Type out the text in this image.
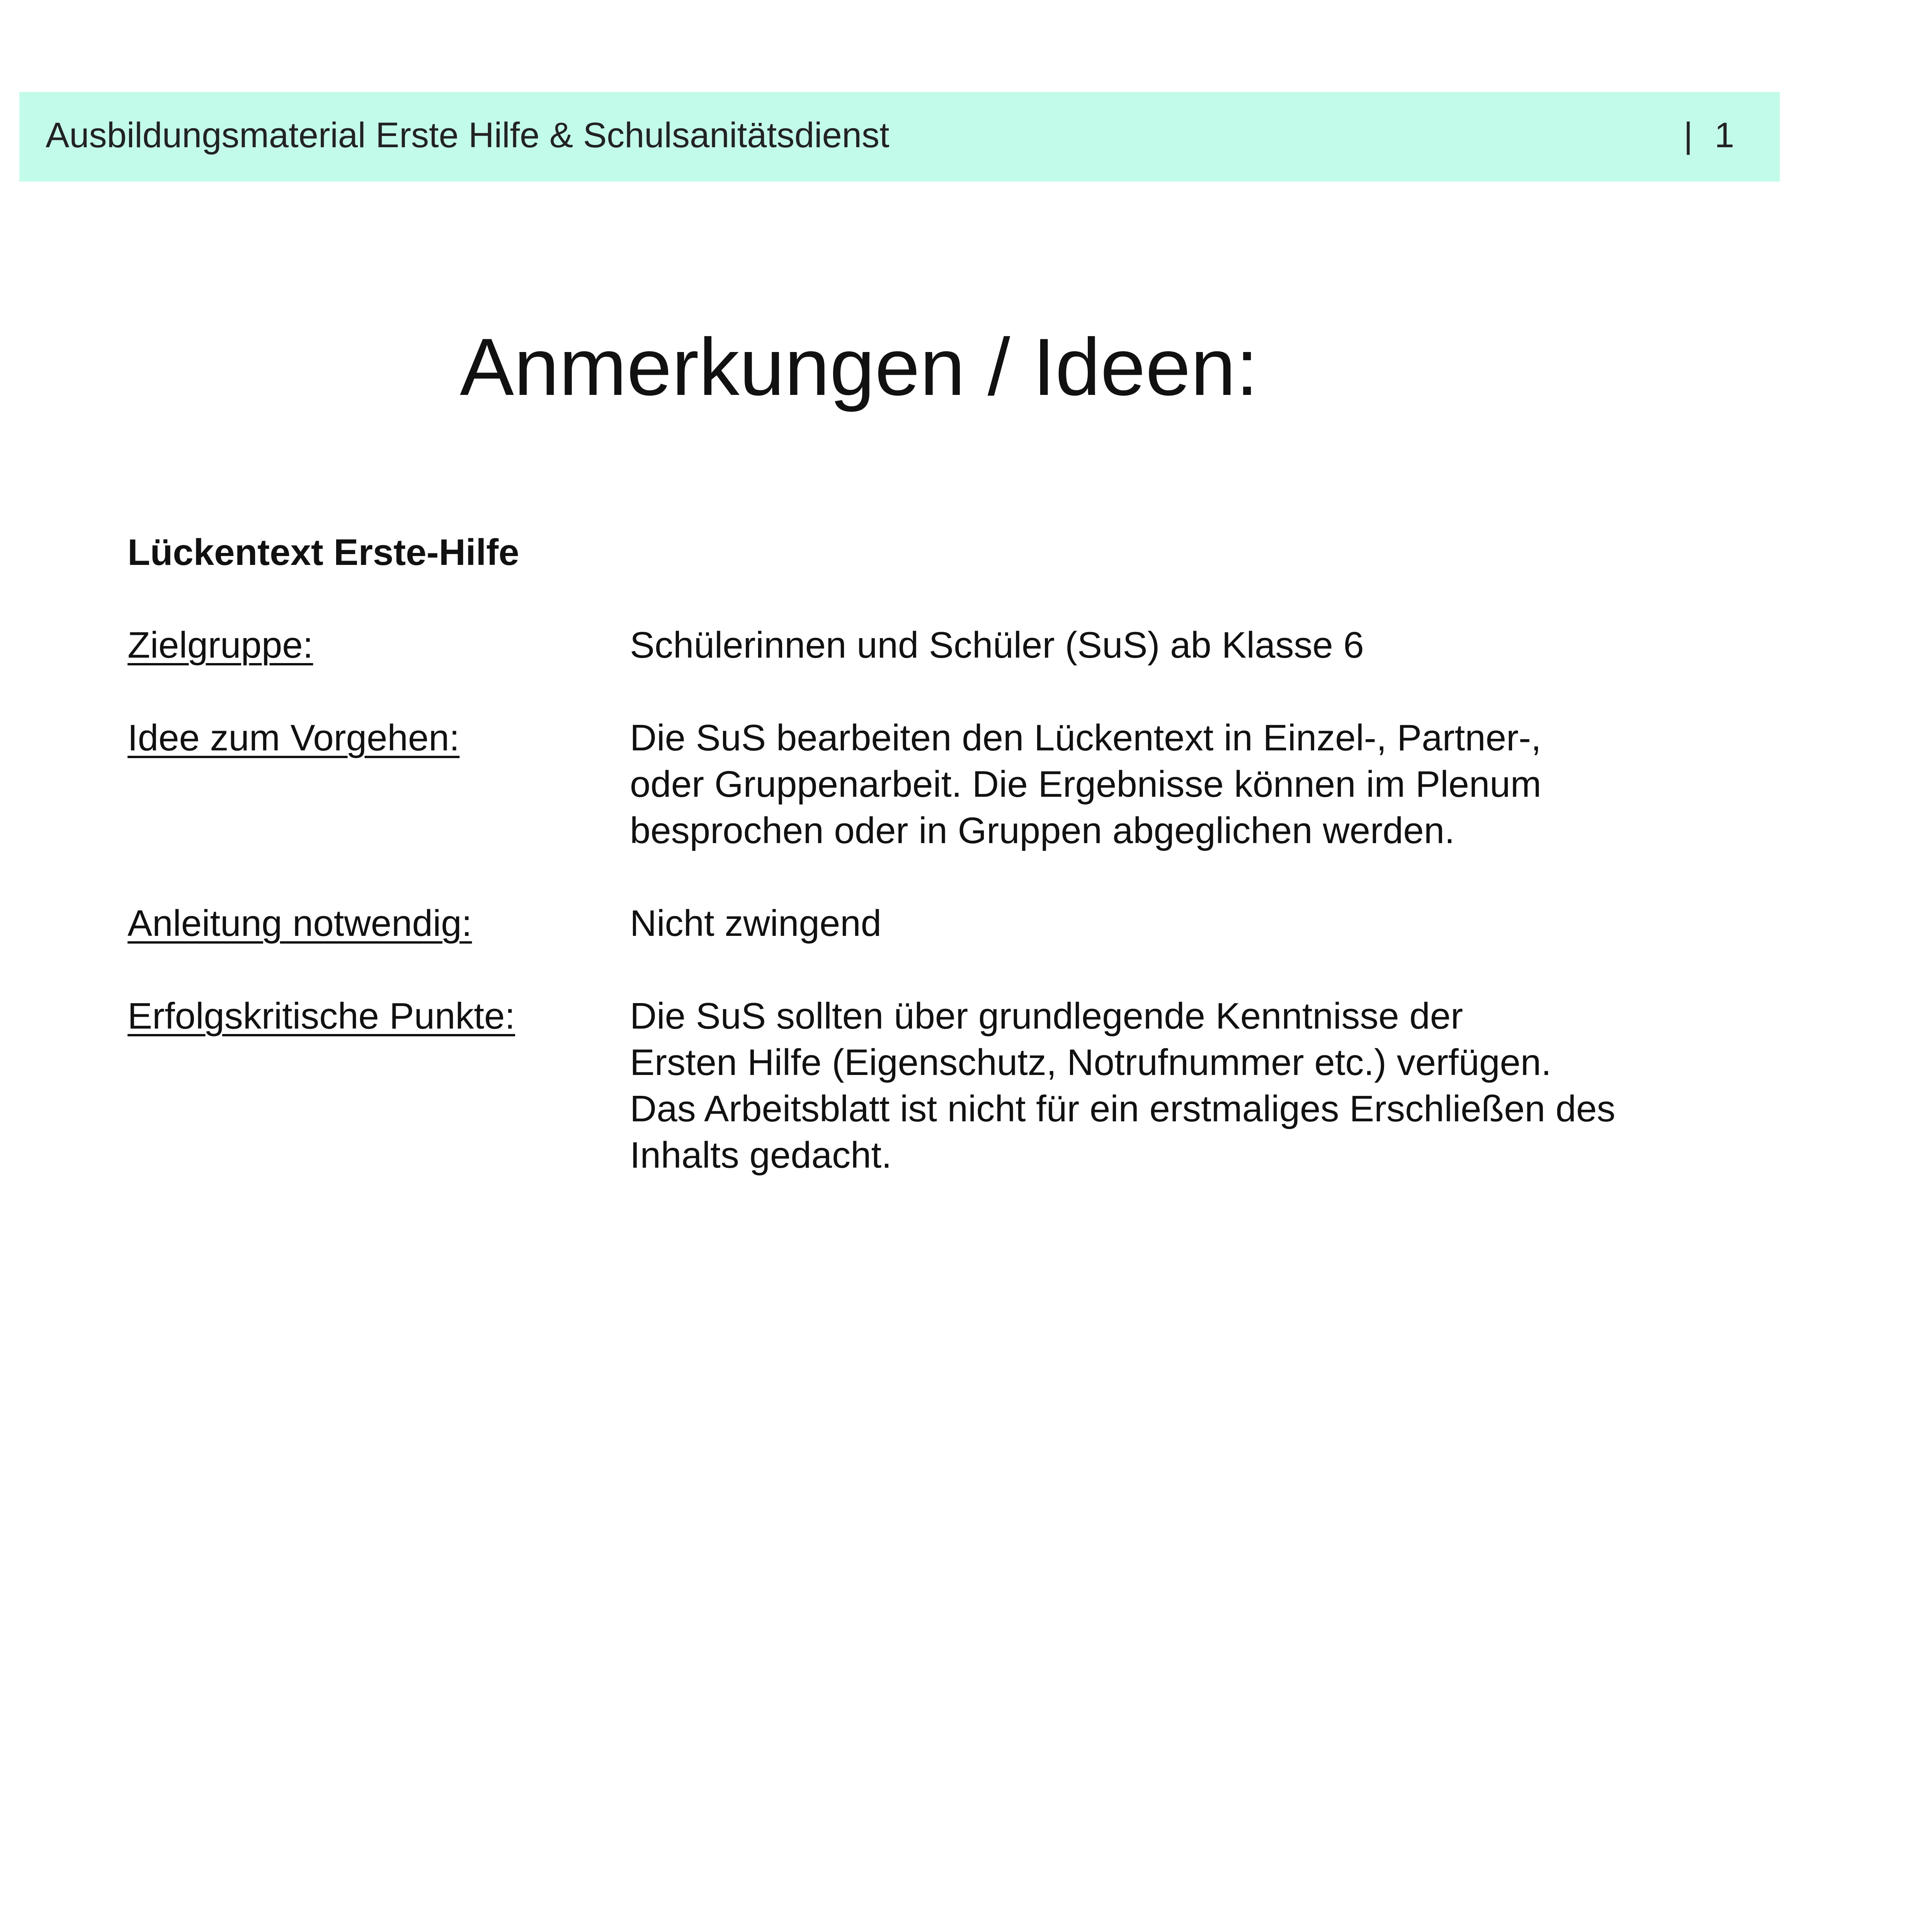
Ausbildungsmaterial Erste Hilfe & Schulsanitätsdienst	| 1
Anmerkungen / Ideen:
Lückentext Erste-Hilfe
Zielgruppe:	Schülerinnen und Schüler (SuS) ab Klasse 6
Idee zum Vorgehen:	Die SuS bearbeiten den Lückentext in Einzel-, Partner-,
oder Gruppenarbeit. Die Ergebnisse können im Plenum
besprochen oder in Gruppen abgeglichen werden.
Anleitung notwendig:	Nicht zwingend
Erfolgskritische Punkte:	Die SuS sollten über grundlegende Kenntnisse der
Ersten Hilfe (Eigenschutz, Notrufnummer etc.) verfügen.
Das Arbeitsblatt ist nicht für ein erstmaliges Erschließen des
Inhalts gedacht.
